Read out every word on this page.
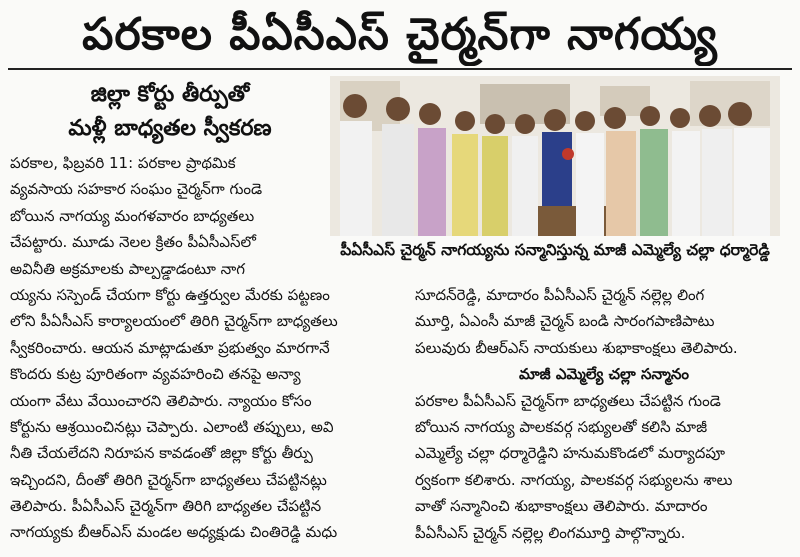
పరకాల పీఏసీఎస్ చైర్మన్‌గా నాగయ్య
జిల్లా కోర్టు తీర్పుతో
మళ్లీ బాధ్యతల స్వీకరణ
పీఏసీఎస్ చైర్మన్ నాగయ్యను సన్మానిస్తున్న మాజీ ఎమ్మెల్యే చల్లా ధర్మారెడ్డి
పరకాల, ఫిబ్రవరి 11: పరకాల ప్రాథమిక
వ్యవసాయ సహకార సంఘం చైర్మన్‌గా గుండె
బోయిన నాగయ్య మంగళవారం బాధ్యతలు
చేపట్టారు. మూడు నెలల క్రితం పీఏసీఎస్‌లో
అవినీతి అక్రమాలకు పాల్పడ్డాడంటూ నాగ
య్యను సస్పెండ్ చేయగా కోర్టు ఉత్తర్వుల మేరకు పట్టణం
లోని పీఏసీఎస్ కార్యాలయంలో తిరిగి చైర్మన్‌గా బాధ్యతలు
స్వీకరించారు. ఆయన మాట్లాడుతూ ప్రభుత్వం మారగానే
కొందరు కుట్ర పూరితంగా వ్యవహరించి తనపై అన్యా
యంగా వేటు వేయించారని తెలిపారు. న్యాయం కోసం
కోర్టును ఆశ్రయించినట్లు చెప్పారు. ఎలాంటి తప్పులు, అవి
నీతి చేయలేదని నిరూపన కావడంతో జిల్లా కోర్టు తీర్పు
ఇచ్చిందని, దీంతో తిరిగి చైర్మన్‌గా బాధ్యతలు చేపట్టినట్లు
తెలిపారు. పీఏసీఎస్ చైర్మన్‌గా తిరిగి బాధ్యతల చేపట్టిన
నాగయ్యకు బీఆర్ఎస్ మండల అధ్యక్షుడు చింతిరెడ్డి మధు
సూదన్‌రెడ్డి, మాదారం పీఏసీఎస్ చైర్మన్ నల్లెల్ల లింగ
మూర్తి, ఏఎంసీ మాజీ చైర్మన్ బండి సారంగపాణిపాటు
పలువురు బీఆర్ఎస్ నాయకులు శుభాకాంక్షలు తెలిపారు.
మాజీ ఎమ్మెల్యే చల్లా సన్మానం
పరకాల పీఏసీఎస్ చైర్మన్‌గా బాధ్యతలు చేపట్టిన గుండె
బోయిన నాగయ్య పాలకవర్గ సభ్యులతో కలిసి మాజీ
ఎమ్మెల్యే చల్లా ధర్మారెడ్డిని హనుమకొండలో మర్యాదపూ
ర్వకంగా కలిశారు. నాగయ్య, పాలకవర్గ సభ్యులను శాలు
వాతో సన్మానించి శుభాకాంక్షలు తెలిపారు. మాదారం
పీఏసీఎస్ చైర్మన్ నల్లెల్ల లింగమూర్తి పాల్గొన్నారు.
